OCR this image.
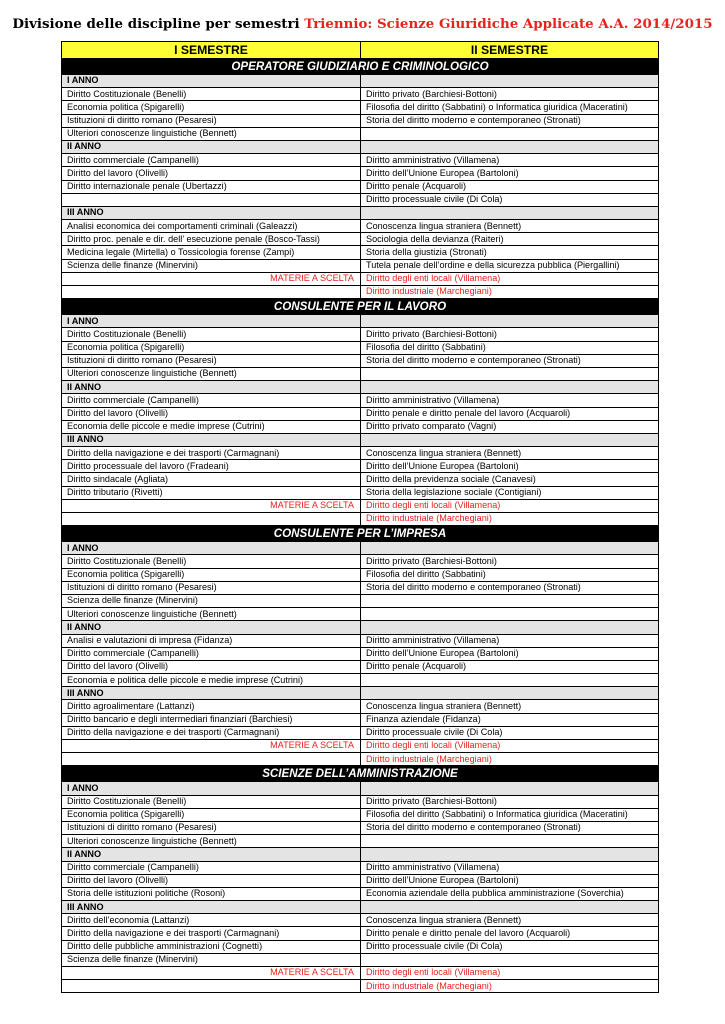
Divisione delle discipline per semestri Triennio: Scienze Giuridiche Applicate A.A. 2014/2015
I SEMESTRE	II SEMESTRE
OPERATORE GIUDIZIARIO E CRIMINOLOGICO	
I ANNO	
Diritto Costituzionale (Benelli)	Diritto privato (Barchiesi-Bottoni)
Economia politica (Spigarelli)	Filosofia del diritto (Sabbatini) o Informatica giuridica (Maceratini)
Istituzioni di diritto romano (Pesaresi)	Storia del diritto moderno e contemporaneo (Stronati)
Ulteriori conoscenze linguistiche (Bennett)	
II ANNO	
Diritto commerciale (Campanelli)	Diritto amministrativo (Villamena)
Diritto del lavoro (Olivelli)	Diritto dell’Unione Europea (Bartoloni)
Diritto internazionale penale (Ubertazzi)	Diritto penale (Acquaroli)
	Diritto processuale civile (Di Cola)
III ANNO	
Analisi economica dei comportamenti criminali (Galeazzi)	Conoscenza lingua straniera (Bennett)
Diritto proc. penale e dir. dell’ esecuzione penale (Bosco-Tassi)	Sociologia della devianza (Raiteri)
Medicina legale (Mirtella) o Tossicologia forense (Zampi)	Storia della giustizia (Stronati)
Scienza delle finanze (Minervini)	Tutela penale dell’ordine e della sicurezza pubblica (Piergallini)
MATERIE A SCELTA	Diritto degli enti locali (Villamena)
	Diritto industriale (Marchegiani)
CONSULENTE PER IL LAVORO	
I ANNO	
Diritto Costituzionale (Benelli)	Diritto privato (Barchiesi-Bottoni)
Economia politica (Spigarelli)	Filosofia del diritto (Sabbatini)
Istituzioni di diritto romano (Pesaresi)	Storia del diritto moderno e contemporaneo (Stronati)
Ulteriori conoscenze linguistiche (Bennett)	
II ANNO	
Diritto commerciale (Campanelli)	Diritto amministrativo (Villamena)
Diritto del lavoro (Olivelli)	Diritto penale e diritto penale del lavoro (Acquaroli)
Economia delle piccole e medie imprese (Cutrini)	Diritto privato comparato (Vagni)
III ANNO	
Diritto della navigazione e dei trasporti (Carmagnani)	Conoscenza lingua straniera (Bennett)
Diritto processuale del lavoro (Fradeani)	Diritto dell’Unione Europea (Bartoloni)
Diritto sindacale (Agliata)	Diritto della previdenza sociale (Canavesi)
Diritto tributario (Rivetti)	Storia della legislazione sociale (Contigiani)
MATERIE A SCELTA	Diritto degli enti locali (Villamena)
	Diritto industriale (Marchegiani)
CONSULENTE PER L’IMPRESA	
I ANNO	
Diritto Costituzionale (Benelli)	Diritto privato (Barchiesi-Bottoni)
Economia politica (Spigarelli)	Filosofia del diritto (Sabbatini)
Istituzioni di diritto romano (Pesaresi)	Storia del diritto moderno e contemporaneo (Stronati)
Scienza delle finanze (Minervini)	
Ulteriori conoscenze linguistiche (Bennett)	
II ANNO	
Analisi e valutazioni di impresa (Fidanza)	Diritto amministrativo (Villamena)
Diritto commerciale (Campanelli)	Diritto dell’Unione Europea (Bartoloni)
Diritto del lavoro (Olivelli)	Diritto penale (Acquaroli)
Economia e politica delle piccole e medie imprese (Cutrini)	
III ANNO	
Diritto agroalimentare (Lattanzi)	Conoscenza lingua straniera (Bennett)
Diritto bancario e degli intermediari finanziari (Barchiesi)	Finanza aziendale (Fidanza)
Diritto della navigazione e dei trasporti (Carmagnani)	Diritto processuale civile (Di Cola)
MATERIE A SCELTA	Diritto degli enti locali (Villamena)
	Diritto industriale (Marchegiani)
SCIENZE DELL’AMMINISTRAZIONE	
I ANNO	
Diritto Costituzionale (Benelli)	Diritto privato (Barchiesi-Bottoni)
Economia politica (Spigarelli)	Filosofia del diritto (Sabbatini) o Informatica giuridica (Maceratini)
Istituzioni di diritto romano (Pesaresi)	Storia del diritto moderno e contemporaneo (Stronati)
Ulteriori conoscenze linguistiche (Bennett)	
II ANNO	
Diritto commerciale (Campanelli)	Diritto amministrativo (Villamena)
Diritto del lavoro (Olivelli)	Diritto dell’Unione Europea (Bartoloni)
Storia delle istituzioni politiche (Rosoni)	Economia aziendale della pubblica amministrazione (Soverchia)
III ANNO	
Diritto dell’economia (Lattanzi)	Conoscenza lingua straniera (Bennett)
Diritto della navigazione e dei trasporti (Carmagnani)	Diritto penale e diritto penale del lavoro (Acquaroli)
Diritto delle pubbliche amministrazioni (Cognetti)	Diritto processuale civile (Di Cola)
Scienza delle finanze (Minervini)	
MATERIE A SCELTA	Diritto degli enti locali (Villamena)
	Diritto industriale (Marchegiani)
